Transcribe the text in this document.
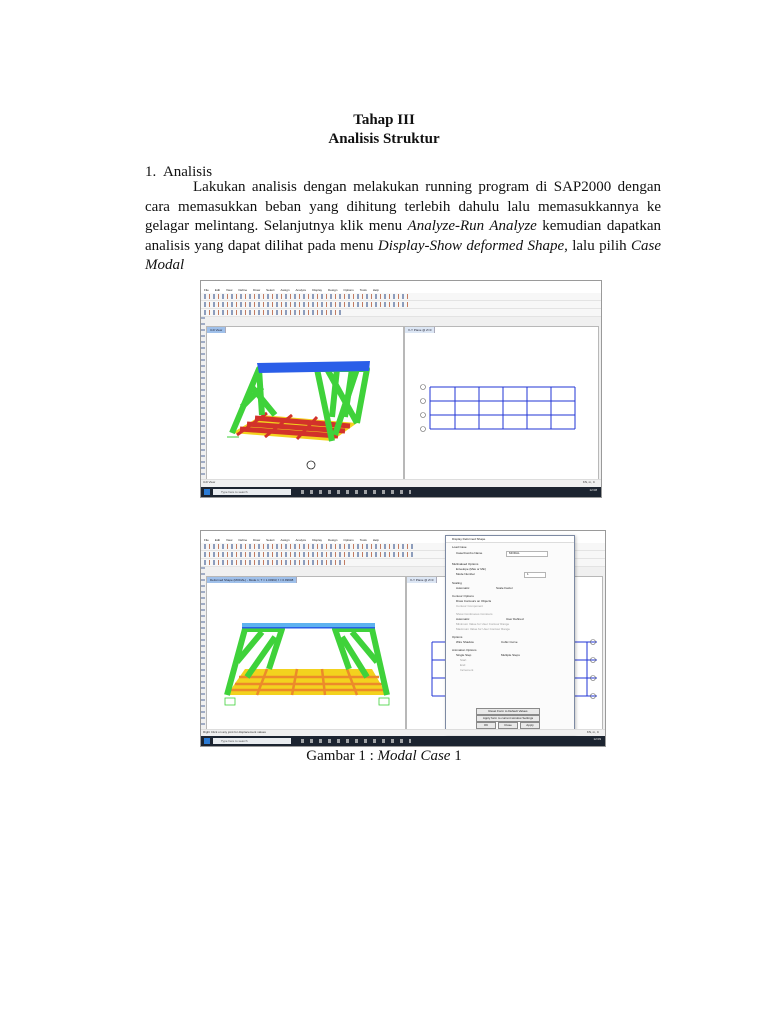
Tahap III
Analisis Struktur
1. Analisis
Lakukan analisis dengan melakukan running program di SAP2000 dengan cara memasukkan beban yang dihitung terlebih dahulu lalu memasukkannya ke gelagar melintang. Selanjutnya klik menu Analyze-Run Analyze kemudian dapatkan analisis yang dapat dilihat pada menu Display-Show deformed Shape, lalu pilih Case Modal
File Edit View Define Draw Select Assign Analyze Display Design Options Tools Help
3-D View	X-Y Plane @ Z=0
3-D View	KN, m, C
Type here to search	12:08
File Edit View Define Draw Select Assign Analyze Display Design Options Tools Help
Deformed Shape (MODAL) - Mode 1; T = 1.00393; f = 0.99608	X-Y Plane @ Z=0
Display Deformed Shape
Load Case
Case/Combo Name	MODAL
Multivalued Options
Envelope (Max or Min)
Mode Number	1
Scaling
Automatic	Scale Factor
Contour Options
Draw Contours on Objects
Contour Component
Show Continuous Contours
Automatic	User Defined
Minimum Value for User Contour Range
Maximum Value for User Contour Range
Options
Wire Shadow	Cubic Curve
Animation Options
Single Step	Multiple Steps
Start
End
Increment
Reset Form to Default Values
Apply form to current window Settings
OK	Close	Apply
Right Click on any joint for displacement values	KN, m, C
Type here to search	12:09
Gambar 1 : Modal Case 1
